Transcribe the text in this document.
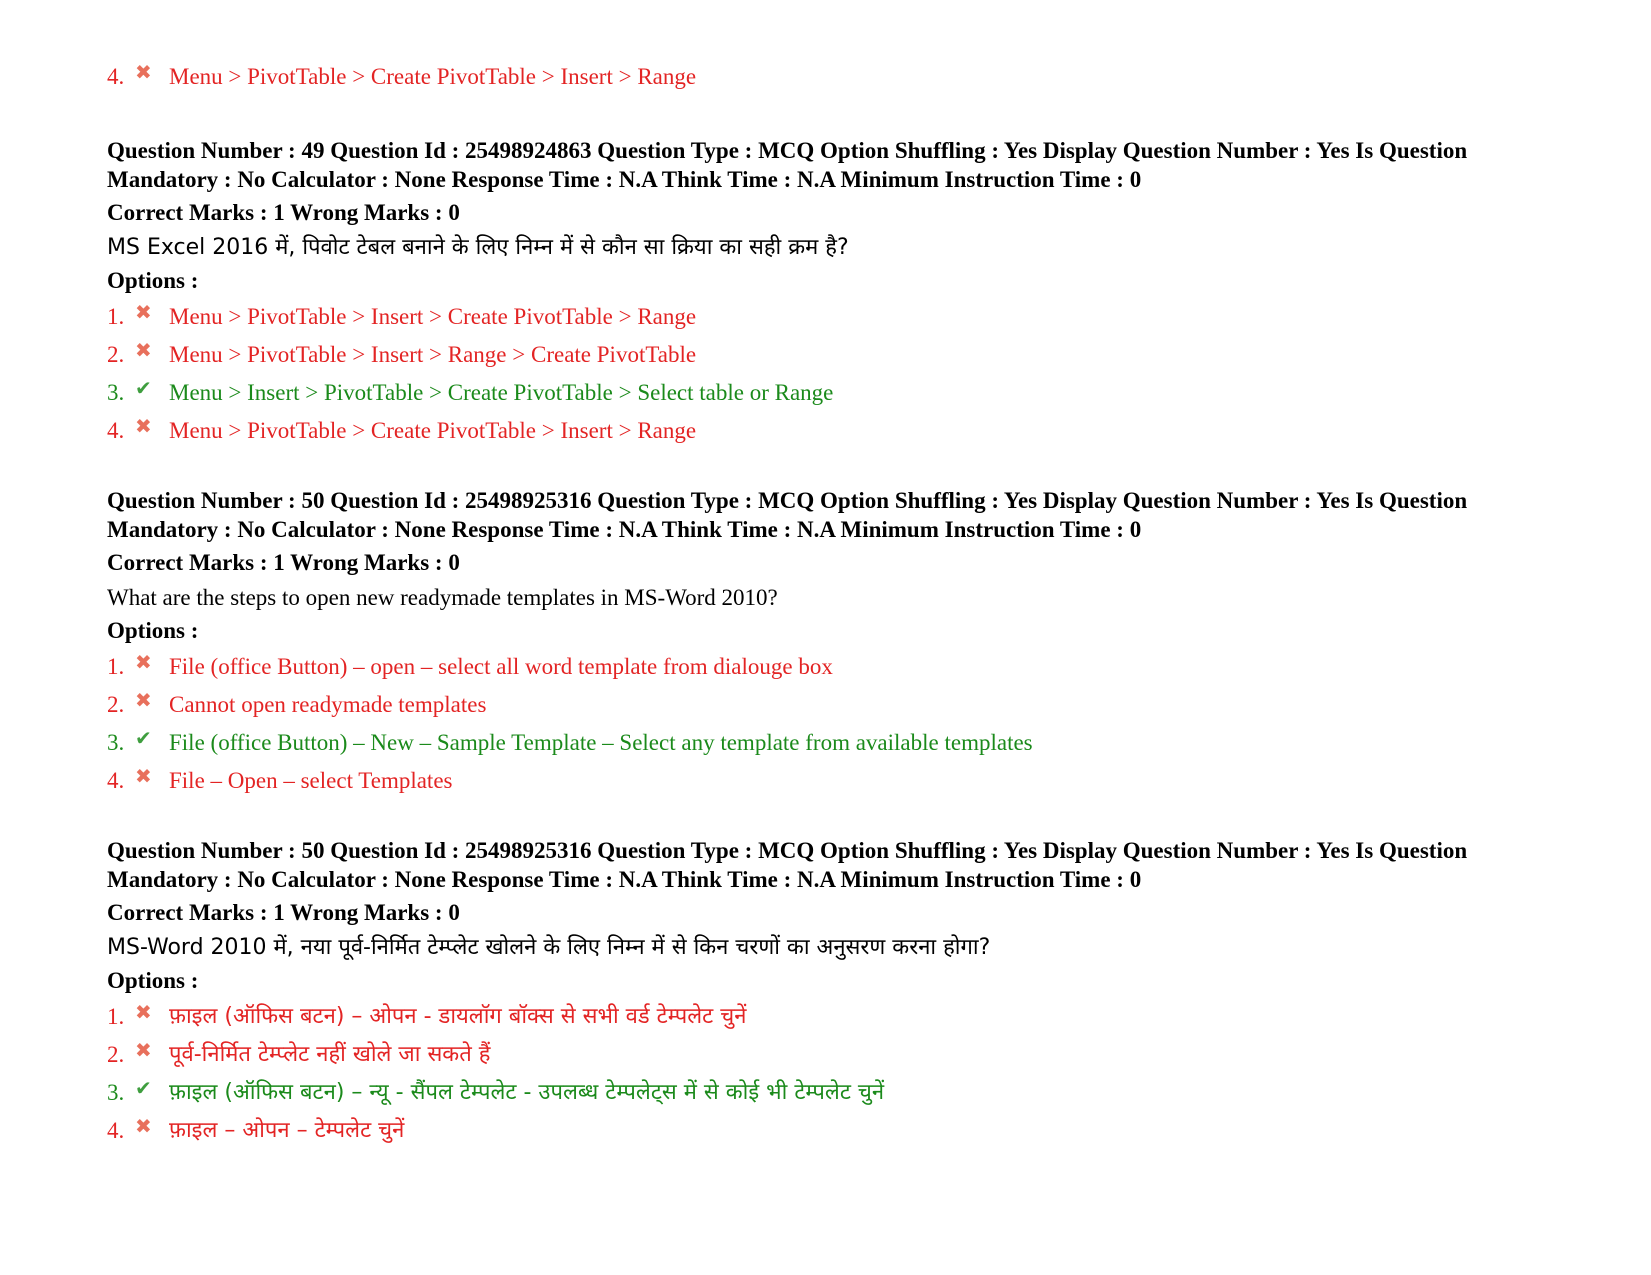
4. ✖ Menu > PivotTable > Create PivotTable > Insert > Range
Question Number : 49 Question Id : 25498924863 Question Type : MCQ Option Shuffling : Yes Display Question Number : Yes Is Question Mandatory : No Calculator : None Response Time : N.A Think Time : N.A Minimum Instruction Time : 0
Correct Marks : 1 Wrong Marks : 0
MS Excel 2016 में, पिवोट टेबल बनाने के लिए निम्न में से कौन सा क्रिया का सही क्रम है?
Options :
1. ✖ Menu > PivotTable > Insert > Create PivotTable > Range
2. ✖ Menu > PivotTable > Insert > Range > Create PivotTable
3. ✔ Menu > Insert > PivotTable > Create PivotTable > Select table or Range
4. ✖ Menu > PivotTable > Create PivotTable > Insert > Range
Question Number : 50 Question Id : 25498925316 Question Type : MCQ Option Shuffling : Yes Display Question Number : Yes Is Question Mandatory : No Calculator : None Response Time : N.A Think Time : N.A Minimum Instruction Time : 0
Correct Marks : 1 Wrong Marks : 0
What are the steps to open new readymade templates in MS-Word 2010?
Options :
1. ✖ File (office Button) – open – select all word template from dialouge box
2. ✖ Cannot open readymade templates
3. ✔ File (office Button) – New – Sample Template – Select any template from available templates
4. ✖ File – Open – select Templates
Question Number : 50 Question Id : 25498925316 Question Type : MCQ Option Shuffling : Yes Display Question Number : Yes Is Question Mandatory : No Calculator : None Response Time : N.A Think Time : N.A Minimum Instruction Time : 0
Correct Marks : 1 Wrong Marks : 0
MS-Word 2010 में, नया पूर्व-निर्मित टेम्प्लेट खोलने के लिए निम्न में से किन चरणों का अनुसरण करना होगा?
Options :
1. ✖ फ़ाइल (ऑफिस बटन) – ओपन - डायलॉग बॉक्स से सभी वर्ड टेम्पलेट चुनें
2. ✖ पूर्व-निर्मित टेम्प्लेट नहीं खोले जा सकते हैं
3. ✔ फ़ाइल (ऑफिस बटन) – न्यू - सैंपल टेम्पलेट - उपलब्ध टेम्पलेट्स में से कोई भी टेम्पलेट चुनें
4. ✖ फ़ाइल – ओपन – टेम्पलेट चुनें
